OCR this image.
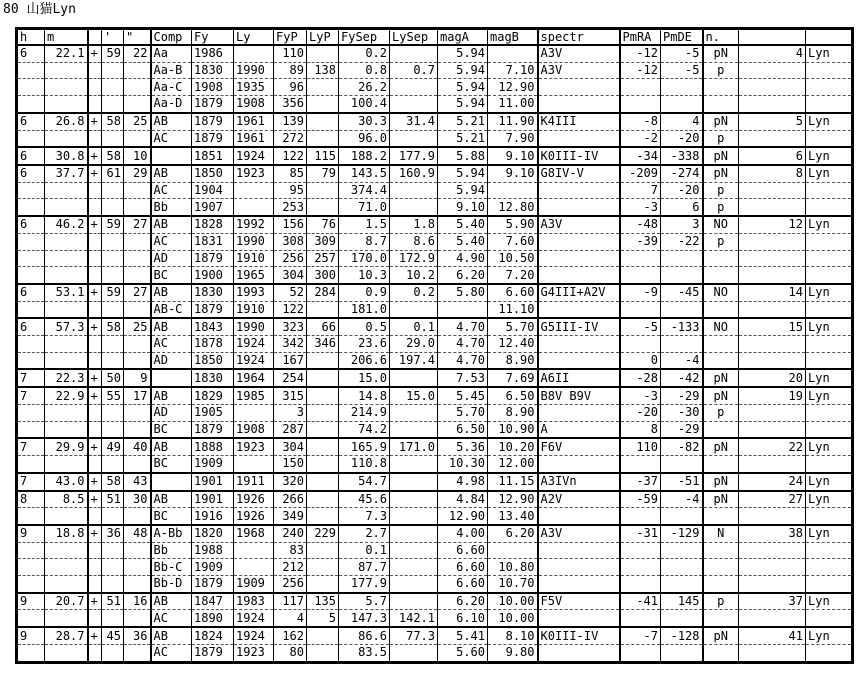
80 山猫Lyn
h	m		'	"	Comp	Fy	Ly	FyP	LyP	FySep	LySep	magA	magB	spectr	PmRA	PmDE	n.		
6	22.1	+	59	22	Aa	1986		110		0.2		5.94		A3V	-12	-5	pN	4	Lyn
					Aa-B	1830	1990	89	138	0.8	0.7	5.94	7.10	A3V	-12	-5	p		
					Aa-C	1908	1935	96		26.2		5.94	12.90						
					Aa-D	1879	1908	356		100.4		5.94	11.00						
6	26.8	+	58	25	AB	1879	1961	139		30.3	31.4	5.21	11.90	K4III	-8	4	pN	5	Lyn
					AC	1879	1961	272		96.0		5.21	7.90		-2	-20	p		
6	30.8	+	58	10		1851	1924	122	115	188.2	177.9	5.88	9.10	K0III-IV	-34	-338	pN	6	Lyn
6	37.7	+	61	29	AB	1850	1923	85	79	143.5	160.9	5.94	9.10	G8IV-V	-209	-274	pN	8	Lyn
					AC	1904		95		374.4		5.94			7	-20	p		
					Bb	1907		253		71.0		9.10	12.80		-3	6	p		
6	46.2	+	59	27	AB	1828	1992	156	76	1.5	1.8	5.40	5.90	A3V	-48	3	NO	12	Lyn
					AC	1831	1990	308	309	8.7	8.6	5.40	7.60		-39	-22	p		
					AD	1879	1910	256	257	170.0	172.9	4.90	10.50						
					BC	1900	1965	304	300	10.3	10.2	6.20	7.20						
6	53.1	+	59	27	AB	1830	1993	52	284	0.9	0.2	5.80	6.60	G4III+A2V	-9	-45	NO	14	Lyn
					AB-C	1879	1910	122		181.0			11.10						
6	57.3	+	58	25	AB	1843	1990	323	66	0.5	0.1	4.70	5.70	G5III-IV	-5	-133	NO	15	Lyn
					AC	1878	1924	342	346	23.6	29.0	4.70	12.40						
					AD	1850	1924	167		206.6	197.4	4.70	8.90		0	-4			
7	22.3	+	50	9		1830	1964	254		15.0		7.53	7.69	A6II	-28	-42	pN	20	Lyn
7	22.9	+	55	17	AB	1829	1985	315		14.8	15.0	5.45	6.50	B8V B9V	-3	-29	pN	19	Lyn
					AD	1905		3		214.9		5.70	8.90		-20	-30	p		
					BC	1879	1908	287		74.2		6.50	10.90	A	8	-29			
7	29.9	+	49	40	AB	1888	1923	304		165.9	171.0	5.36	10.20	F6V	110	-82	pN	22	Lyn
					BC	1909		150		110.8		10.30	12.00						
7	43.0	+	58	43		1901	1911	320		54.7		4.98	11.15	A3IVn	-37	-51	pN	24	Lyn
8	8.5	+	51	30	AB	1901	1926	266		45.6		4.84	12.90	A2V	-59	-4	pN	27	Lyn
					BC	1916	1926	349		7.3		12.90	13.40						
9	18.8	+	36	48	A-Bb	1820	1968	240	229	2.7		4.00	6.20	A3V	-31	-129	N	38	Lyn
					Bb	1988		83		0.1		6.60							
					Bb-C	1909		212		87.7		6.60	10.80						
					Bb-D	1879	1909	256		177.9		6.60	10.70						
9	20.7	+	51	16	AB	1847	1983	117	135	5.7		6.20	10.00	F5V	-41	145	p	37	Lyn
					AC	1890	1924	4	5	147.3	142.1	6.10	10.00						
9	28.7	+	45	36	AB	1824	1924	162		86.6	77.3	5.41	8.10	K0III-IV	-7	-128	pN	41	Lyn
					AC	1879	1923	80		83.5		5.60	9.80						
